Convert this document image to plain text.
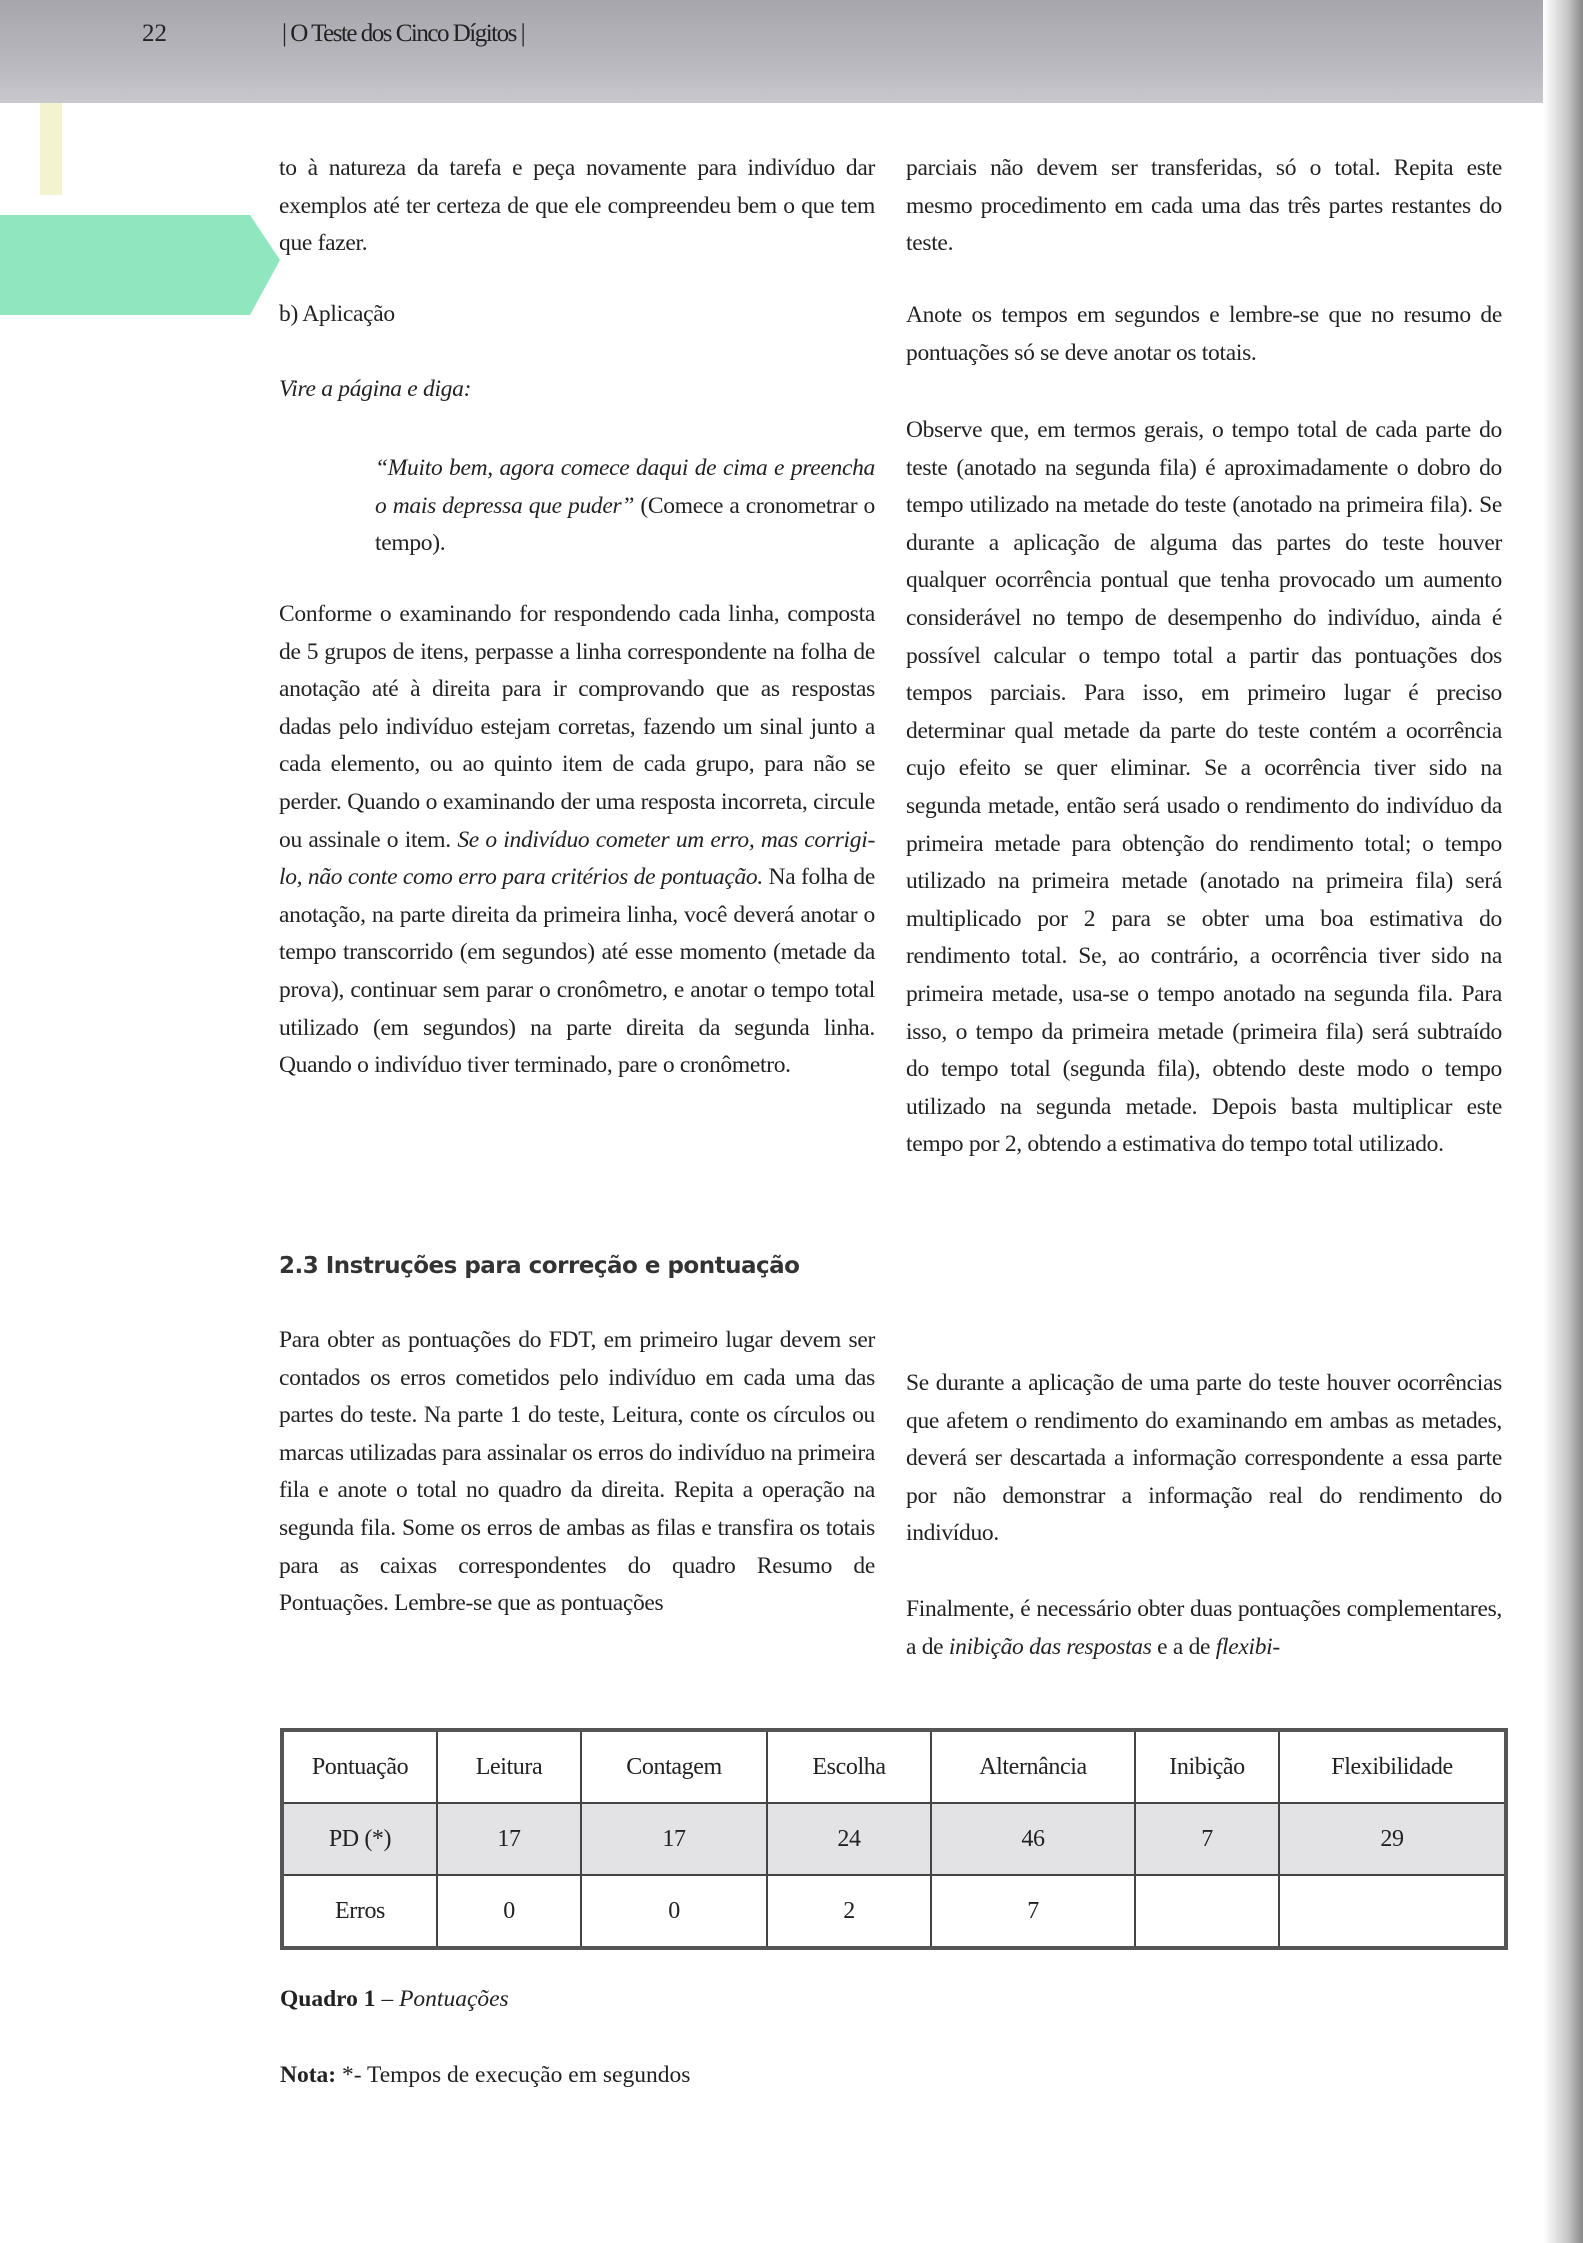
22	| O Teste dos Cinco Dígitos |
to à natureza da tarefa e peça novamente para indivíduo dar exemplos até ter certeza de que ele compreendeu bem o que tem que fazer.
b) Aplicação
Vire a página e diga:
“Muito bem, agora comece daqui de cima e preencha o mais depressa que puder” (Comece a cronometrar o tempo).
Conforme o examinando for respondendo cada linha, composta de 5 grupos de itens, perpasse a linha correspondente na folha de anotação até à direita para ir comprovando que as respostas dadas pelo indivíduo estejam corretas, fazendo um sinal junto a cada elemento, ou ao quinto item de cada grupo, para não se perder. Quando o examinando der uma resposta incorreta, circule ou assinale o item. Se o indivíduo cometer um erro, mas corrigi-lo, não conte como erro para critérios de pontuação. Na folha de anotação, na parte direita da primeira linha, você deverá anotar o tempo transcorrido (em segundos) até esse momento (metade da prova), continuar sem parar o cronômetro, e anotar o tempo total utilizado (em segundos) na parte direita da segunda linha. Quando o indivíduo tiver terminado, pare o cronômetro.
2.3 Instruções para correção e pontuação
Para obter as pontuações do FDT, em primeiro lugar devem ser contados os erros cometidos pelo indivíduo em cada uma das partes do teste. Na parte 1 do teste, Leitura, conte os círculos ou marcas utilizadas para assinalar os erros do indivíduo na primeira fila e anote o total no quadro da direita. Repita a operação na segunda fila. Some os erros de ambas as filas e transfira os totais para as caixas correspondentes do quadro Resumo de Pontuações. Lembre-se que as pontuações
parciais não devem ser transferidas, só o total. Repita este mesmo procedimento em cada uma das três partes restantes do teste.
Anote os tempos em segundos e lembre-se que no resumo de pontuações só se deve anotar os totais.
Observe que, em termos gerais, o tempo total de cada parte do teste (anotado na segunda fila) é aproximadamente o dobro do tempo utilizado na metade do teste (anotado na primeira fila). Se durante a aplicação de alguma das partes do teste houver qualquer ocorrência pontual que tenha provocado um aumento considerável no tempo de desempenho do indivíduo, ainda é possível calcular o tempo total a partir das pontuações dos tempos parciais. Para isso, em primeiro lugar é preciso determinar qual metade da parte do teste contém a ocorrência cujo efeito se quer eliminar. Se a ocorrência tiver sido na segunda metade, então será usado o rendimento do indivíduo da primeira metade para obtenção do rendimento total; o tempo utilizado na primeira metade (anotado na primeira fila) será multiplicado por 2 para se obter uma boa estimativa do rendimento total. Se, ao contrário, a ocorrência tiver sido na primeira metade, usa-se o tempo anotado na segunda fila. Para isso, o tempo da primeira metade (primeira fila) será subtraído do tempo total (segunda fila), obtendo deste modo o tempo utilizado na segunda metade. Depois basta multiplicar este tempo por 2, obtendo a estimativa do tempo total utilizado.
Se durante a aplicação de uma parte do teste houver ocorrências que afetem o rendimento do examinando em ambas as metades, deverá ser descartada a informação correspondente a essa parte por não demonstrar a informação real do rendimento do indivíduo.
Finalmente, é necessário obter duas pontuações complementares, a de inibição das respostas e a de flexibi-
Pontuação	Leitura	Contagem	Escolha	Alternância	Inibição	Flexibilidade
PD (*)	17	17	24	46	7	29
Erros	0	0	2	7		
Quadro 1 – Pontuações
Nota: *- Tempos de execução em segundos
